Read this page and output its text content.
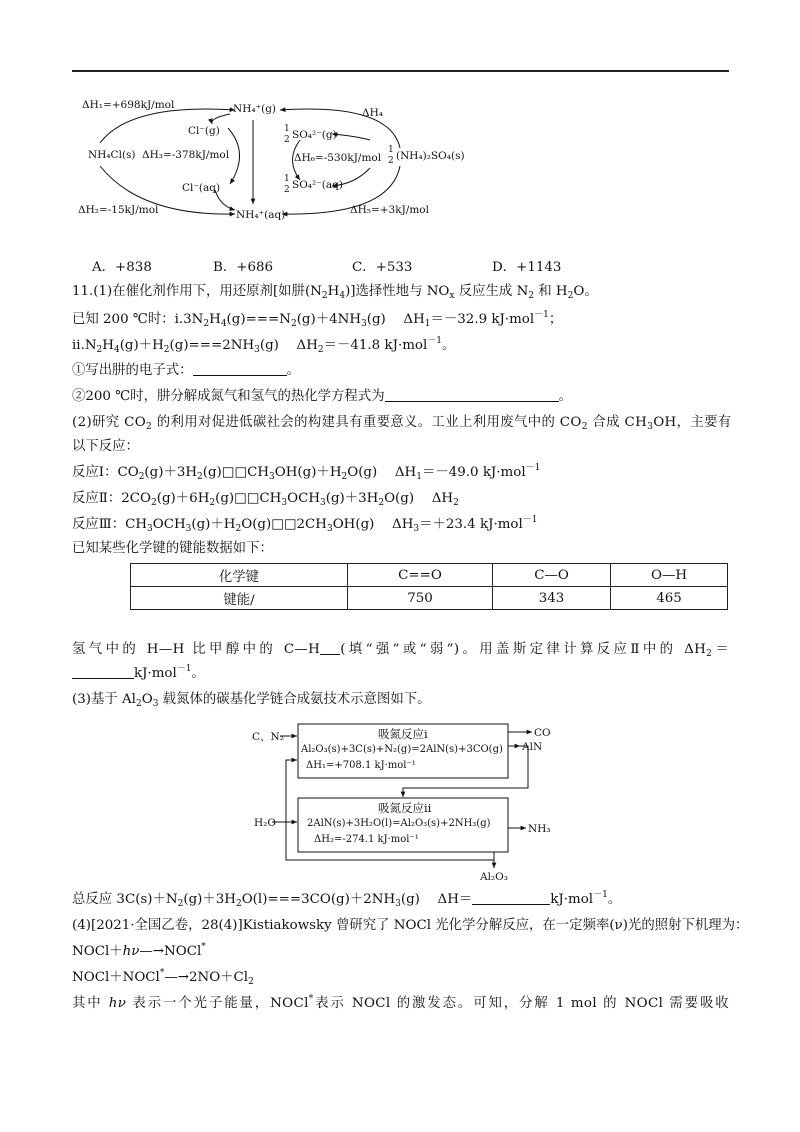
ΔH₁=+698kJ/mol	NH₄⁺(g)
Cl⁻(g)
NH₄Cl(s) ΔH₃=-378kJ/mol
Cl⁻(aq)
ΔH₂=-15kJ/mol	NH₄⁺(aq)
ΔH₄
1
2 SO₄²⁻(g)
ΔH₆=-530kJ/mol
1
2 (NH₄)₂SO₄(s)
1
2 SO₄²⁻(aq)
ΔH₅=+3kJ/mol
A．+838	B．+686	C．+533	D．+1143
11.(1)在催化剂作用下，用还原剂[如肼$(N_2H_4)$]选择性地与 $NO_x$ 反应生成 $N_2$ 和 $H_2O$。
已知 200 ℃时：$i.3N_2H_4(g)===N_2(g)+4NH_3(g)$　 $\Delta H_1=-32.9$ kJ·mol$^{-1}$；
$ii.N_2H_4(g)+H_2(g)===2NH_3(g)$　 $\Delta H_2=-41.8$ kJ·mol$^{-1}$。
①写出肼的电子式：	。
②200 ℃时，肼分解成氮气和氢气的热化学方程式为	。
(2)研究 $CO_2$ 的利用对促进低碳社会的构建具有重要意义。工业上利用废气中的 $CO_2$ 合成 $CH_3OH$，主要有
以下反应：
反应Ⅰ：$CO_2(g)+3H_2(g)□□CH_3OH(g)+H_2O(g)$　 $\Delta H_1=-49.0$ kJ·mol$^{-1}$
反应Ⅱ：$2CO_2(g)+6H_2(g)□□CH_3OCH_3(g)+3H_2O(g)$　 $\Delta H_2$
反应Ⅲ：$CH_3OCH_3(g)+H_2O(g)□□2CH_3OH(g)$　 $\Delta H_3=+23.4$ kJ·mol$^{-1}$
已知某些化学键的键能数据如下：
化学键	C==O	C—O	O—H
键能/	750	343	465
氢气中的 H—H 比甲醇中的 C—H (填“强”或“弱”)。用盖斯定律计算反应Ⅱ中的 $\Delta H_2=$
kJ·mol$^{-1}$。
(3)基于 $Al_2O_3$ 载氮体的碳基化学链合成氨技术示意图如下。
C、N₂	CO
吸氮反应i
Al₂O₃(s)+3C(s)+N₂(g)=2AlN(s)+3CO(g)
ΔH₁=+708.1 kJ·mol⁻¹
AlN
H₂O
吸氮反应ii
2AlN(s)+3H₂O(l)=Al₂O₃(s)+2NH₃(g)
ΔH₂=-274.1 kJ·mol⁻¹
NH₃
Al₂O₃
总反应 $3C(s)+N_2(g)+3H_2O(l)===3CO(g)+2NH_3(g)$　 ΔH＝	kJ·mol$^{-1}$。
(4)[2021·全国乙卷，28(4)]Kistiakowsky 曾研究了 NOCl 光化学分解反应，在一定频率(ν)光的照射下机理为：
NOCl＋hν—→NOCl*
$NOCl+NOCl^*—\to 2NO+Cl_2$
其中 hν 表示一个光子能量，NOCl*表示 NOCl 的激发态。可知，分解 1 mol 的 NOCl 需要吸收
